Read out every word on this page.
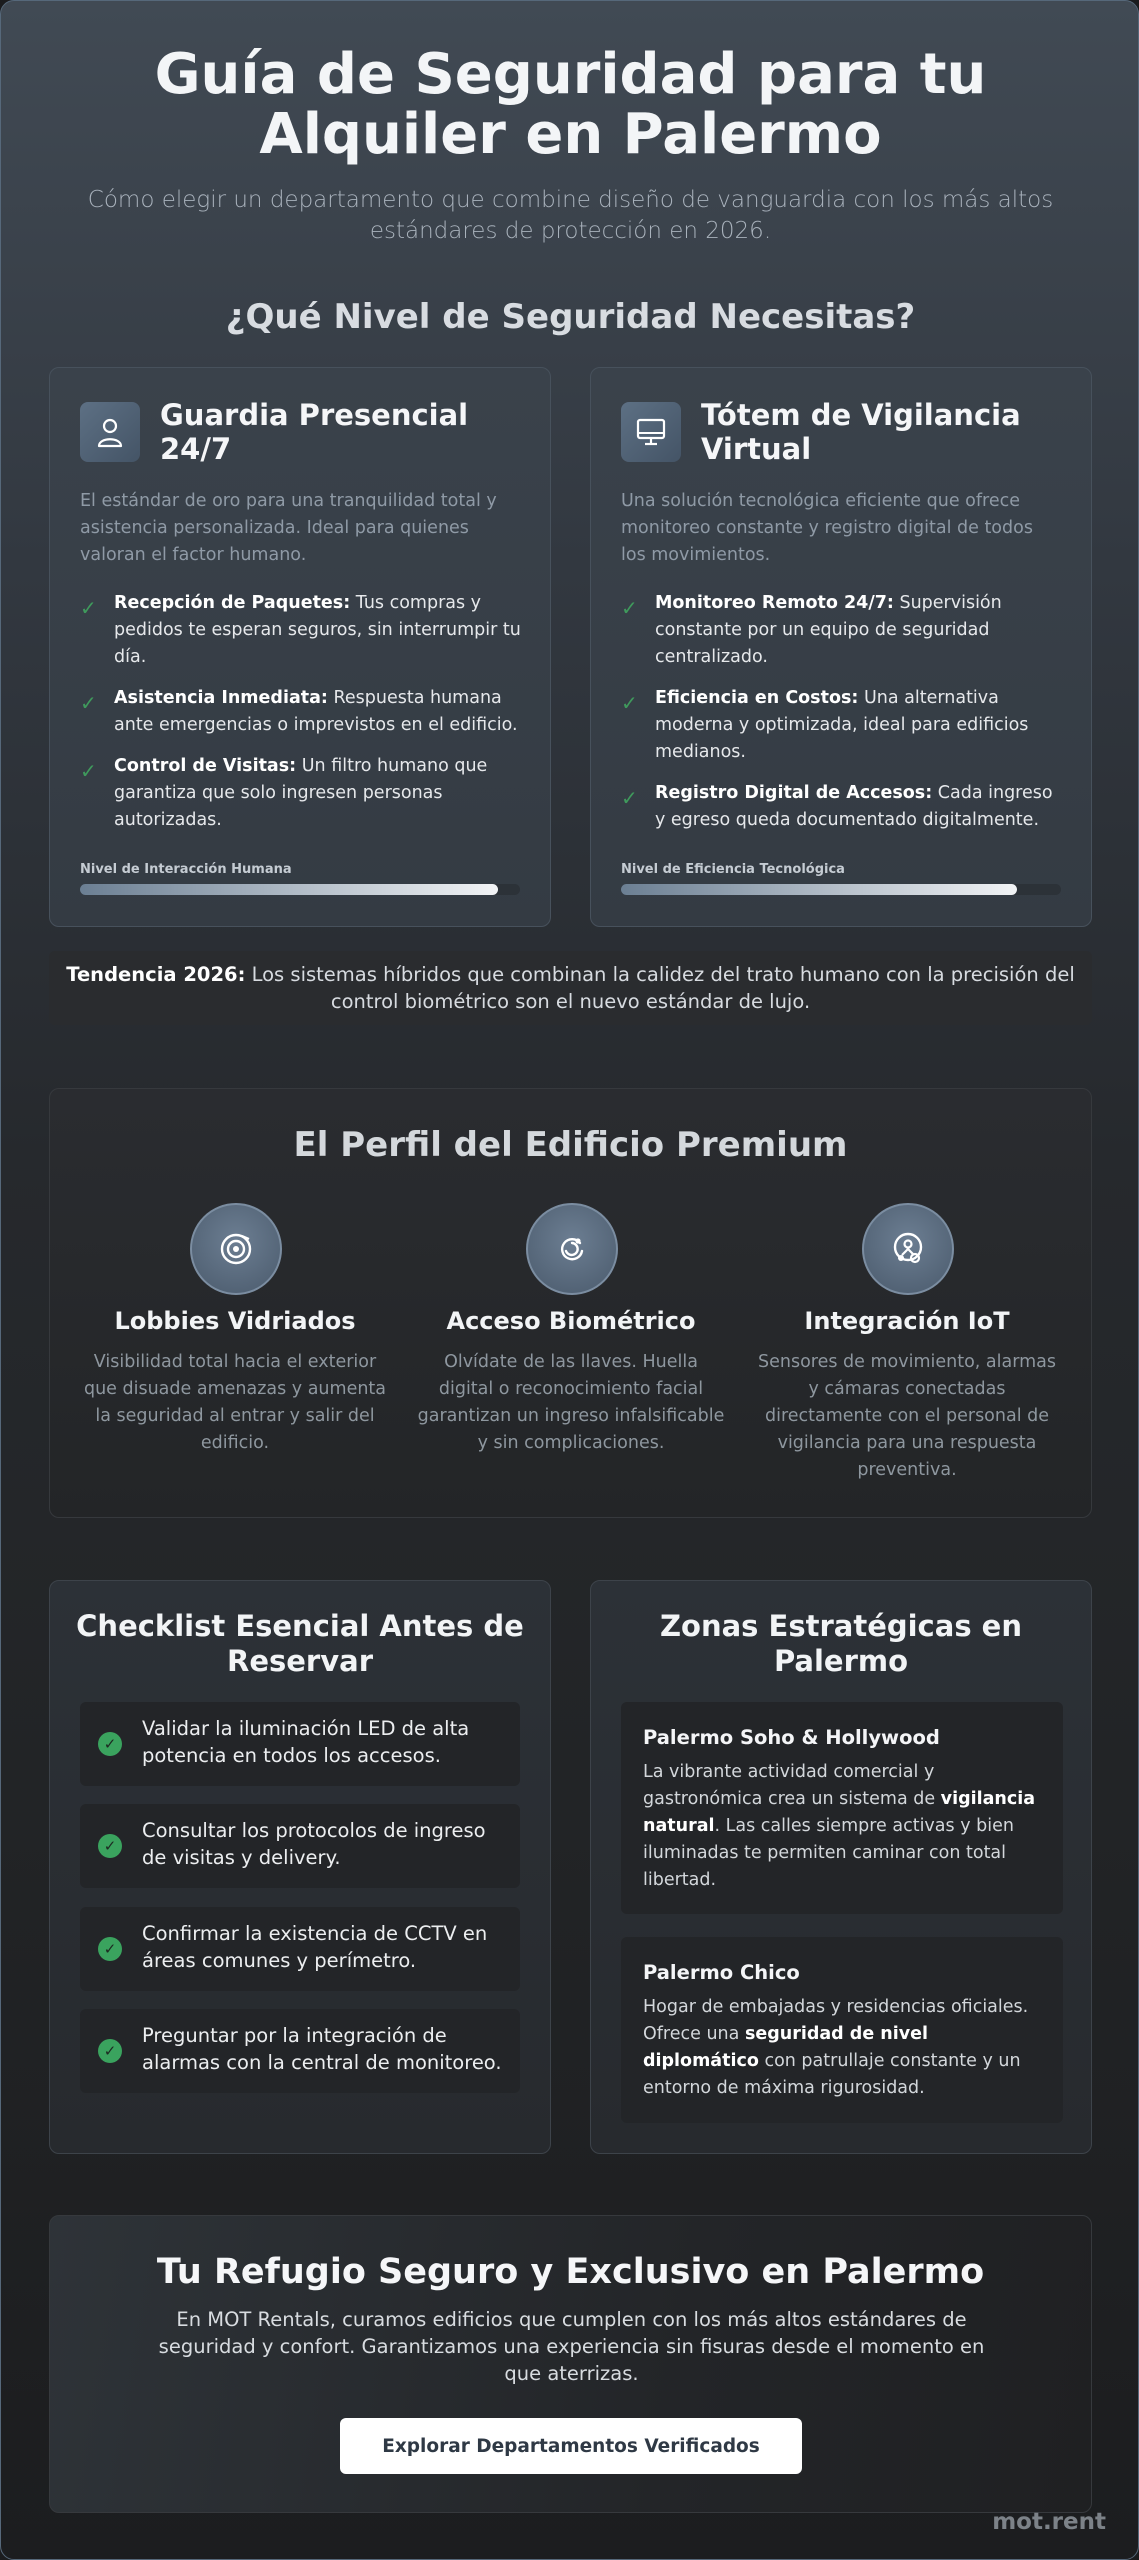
Guía de Seguridad para tu
Alquiler en Palermo

Cómo elegir un departamento que combine diseño de vanguardia con los más altos estándares de protección en 2026.

¿Qué Nivel de Seguridad Necesitas?
Guardia Presencial 24/7
El estándar de oro para una tranquilidad total y asistencia personalizada. Ideal para quienes valoran el factor humano.
✓ Recepción de Paquetes: Tus compras y pedidos te esperan seguros, sin interrumpir tu día.
✓ Asistencia Inmediata: Respuesta humana ante emergencias o imprevistos en el edificio.
✓ Control de Visitas: Un filtro humano que garantiza que solo ingresen personas autorizadas.
Nivel de Interacción Humana
Tótem de Vigilancia Virtual
Una solución tecnológica eficiente que ofrece monitoreo constante y registro digital de todos los movimientos.
✓ Monitoreo Remoto 24/7: Supervisión constante por un equipo de seguridad centralizado.
✓ Eficiencia en Costos: Una alternativa moderna y optimizada, ideal para edificios medianos.
✓ Registro Digital de Accesos: Cada ingreso y egreso queda documentado digitalmente.
Nivel de Eficiencia Tecnológica
Tendencia 2026: Los sistemas híbridos que combinan la calidez del trato humano con la precisión del control biométrico son el nuevo estándar de lujo.
El Perfil del Edificio Premium
Lobbies Vidriados
Visibilidad total hacia el exterior que disuade amenazas y aumenta la seguridad al entrar y salir del edificio.
Acceso Biométrico
Olvídate de las llaves. Huella digital o reconocimiento facial garantizan un ingreso infalsificable y sin complicaciones.
Integración IoT
Sensores de movimiento, alarmas y cámaras conectadas directamente con el personal de vigilancia para una respuesta preventiva.
Checklist Esencial Antes de Reservar
✓
Validar la iluminación LED de alta potencia en todos los accesos.
✓
Consultar los protocolos de ingreso de visitas y delivery.
✓
Confirmar la existencia de CCTV en áreas comunes y perímetro.
✓
Preguntar por la integración de alarmas con la central de monitoreo.
Zonas Estratégicas en Palermo
Palermo Soho & Hollywood
La vibrante actividad comercial y gastronómica crea un sistema de vigilancia natural. Las calles siempre activas y bien iluminadas te permiten caminar con total libertad.
Palermo Chico
Hogar de embajadas y residencias oficiales. Ofrece una seguridad de nivel diplomático con patrullaje constante y un entorno de máxima rigurosidad.
Tu Refugio Seguro y Exclusivo en Palermo
En MOT Rentals, curamos edificios que cumplen con los más altos estándares de seguridad y confort. Garantizamos una experiencia sin fisuras desde el momento en que aterrizas.
Explorar Departamentos Verificados
mot.rent
